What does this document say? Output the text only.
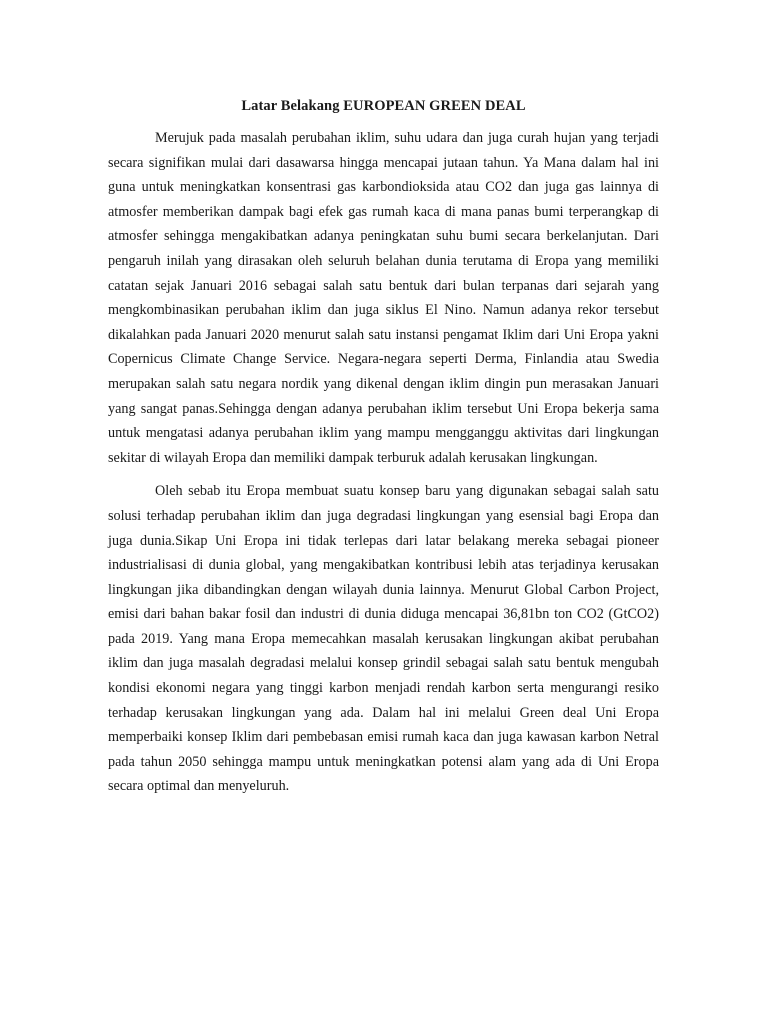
Latar Belakang EUROPEAN GREEN DEAL

Merujuk pada masalah perubahan iklim, suhu udara dan juga curah hujan yang terjadi secara signifikan mulai dari dasawarsa hingga mencapai jutaan tahun. Ya Mana dalam hal ini guna untuk meningkatkan konsentrasi gas karbondioksida atau CO2 dan juga gas lainnya di atmosfer memberikan dampak bagi efek gas rumah kaca di mana panas bumi terperangkap di atmosfer sehingga mengakibatkan adanya peningkatan suhu bumi secara berkelanjutan. Dari pengaruh inilah yang dirasakan oleh seluruh belahan dunia terutama di Eropa yang memiliki catatan sejak Januari 2016 sebagai salah satu bentuk dari bulan terpanas dari sejarah yang mengkombinasikan perubahan iklim dan juga siklus El Nino. Namun adanya rekor tersebut dikalahkan pada Januari 2020 menurut salah satu instansi pengamat Iklim dari Uni Eropa yakni Copernicus Climate Change Service. Negara-negara seperti Derma, Finlandia atau Swedia merupakan salah satu negara nordik yang dikenal dengan iklim dingin pun merasakan Januari yang sangat panas.Sehingga dengan adanya perubahan iklim tersebut Uni Eropa bekerja sama untuk mengatasi adanya perubahan iklim yang mampu mengganggu aktivitas dari lingkungan sekitar di wilayah Eropa dan memiliki dampak terburuk adalah kerusakan lingkungan.

Oleh sebab itu Eropa membuat suatu konsep baru yang digunakan sebagai salah satu solusi terhadap perubahan iklim dan juga degradasi lingkungan yang esensial bagi Eropa dan juga dunia.Sikap Uni Eropa ini tidak terlepas dari latar belakang mereka sebagai pioneer industrialisasi di dunia global, yang mengakibatkan kontribusi lebih atas terjadinya kerusakan lingkungan jika dibandingkan dengan wilayah dunia lainnya. Menurut Global Carbon Project, emisi dari bahan bakar fosil dan industri di dunia diduga mencapai 36,81bn ton CO2 (GtCO2) pada 2019. Yang mana Eropa memecahkan masalah kerusakan lingkungan akibat perubahan iklim dan juga masalah degradasi melalui konsep grindil sebagai salah satu bentuk mengubah kondisi ekonomi negara yang tinggi karbon menjadi rendah karbon serta mengurangi resiko terhadap kerusakan lingkungan yang ada. Dalam hal ini melalui Green deal Uni Eropa memperbaiki konsep Iklim dari pembebasan emisi rumah kaca dan juga kawasan karbon Netral pada tahun 2050 sehingga mampu untuk meningkatkan potensi alam yang ada di Uni Eropa secara optimal dan menyeluruh.
